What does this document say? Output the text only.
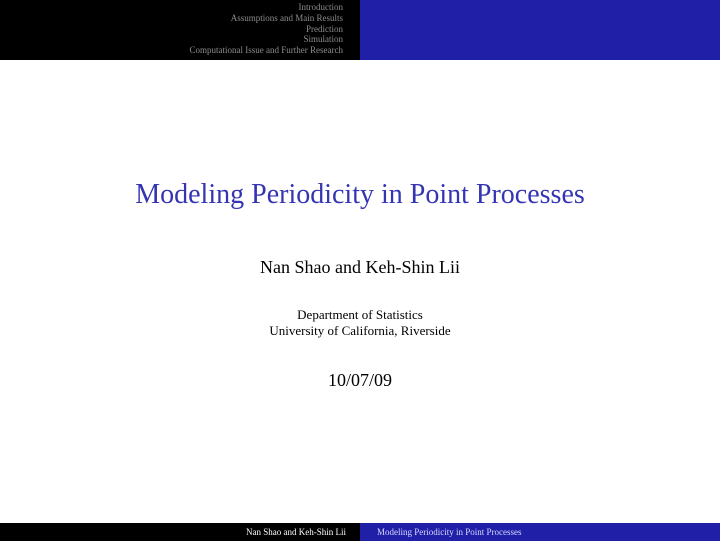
Introduction
Assumptions and Main Results
Prediction
Simulation
Computational Issue and Further Research
Modeling Periodicity in Point Processes
Nan Shao and Keh-Shin Lii
Department of Statistics
University of California, Riverside
10/07/09
Nan Shao and Keh-Shin Lii	Modeling Periodicity in Point Processes
